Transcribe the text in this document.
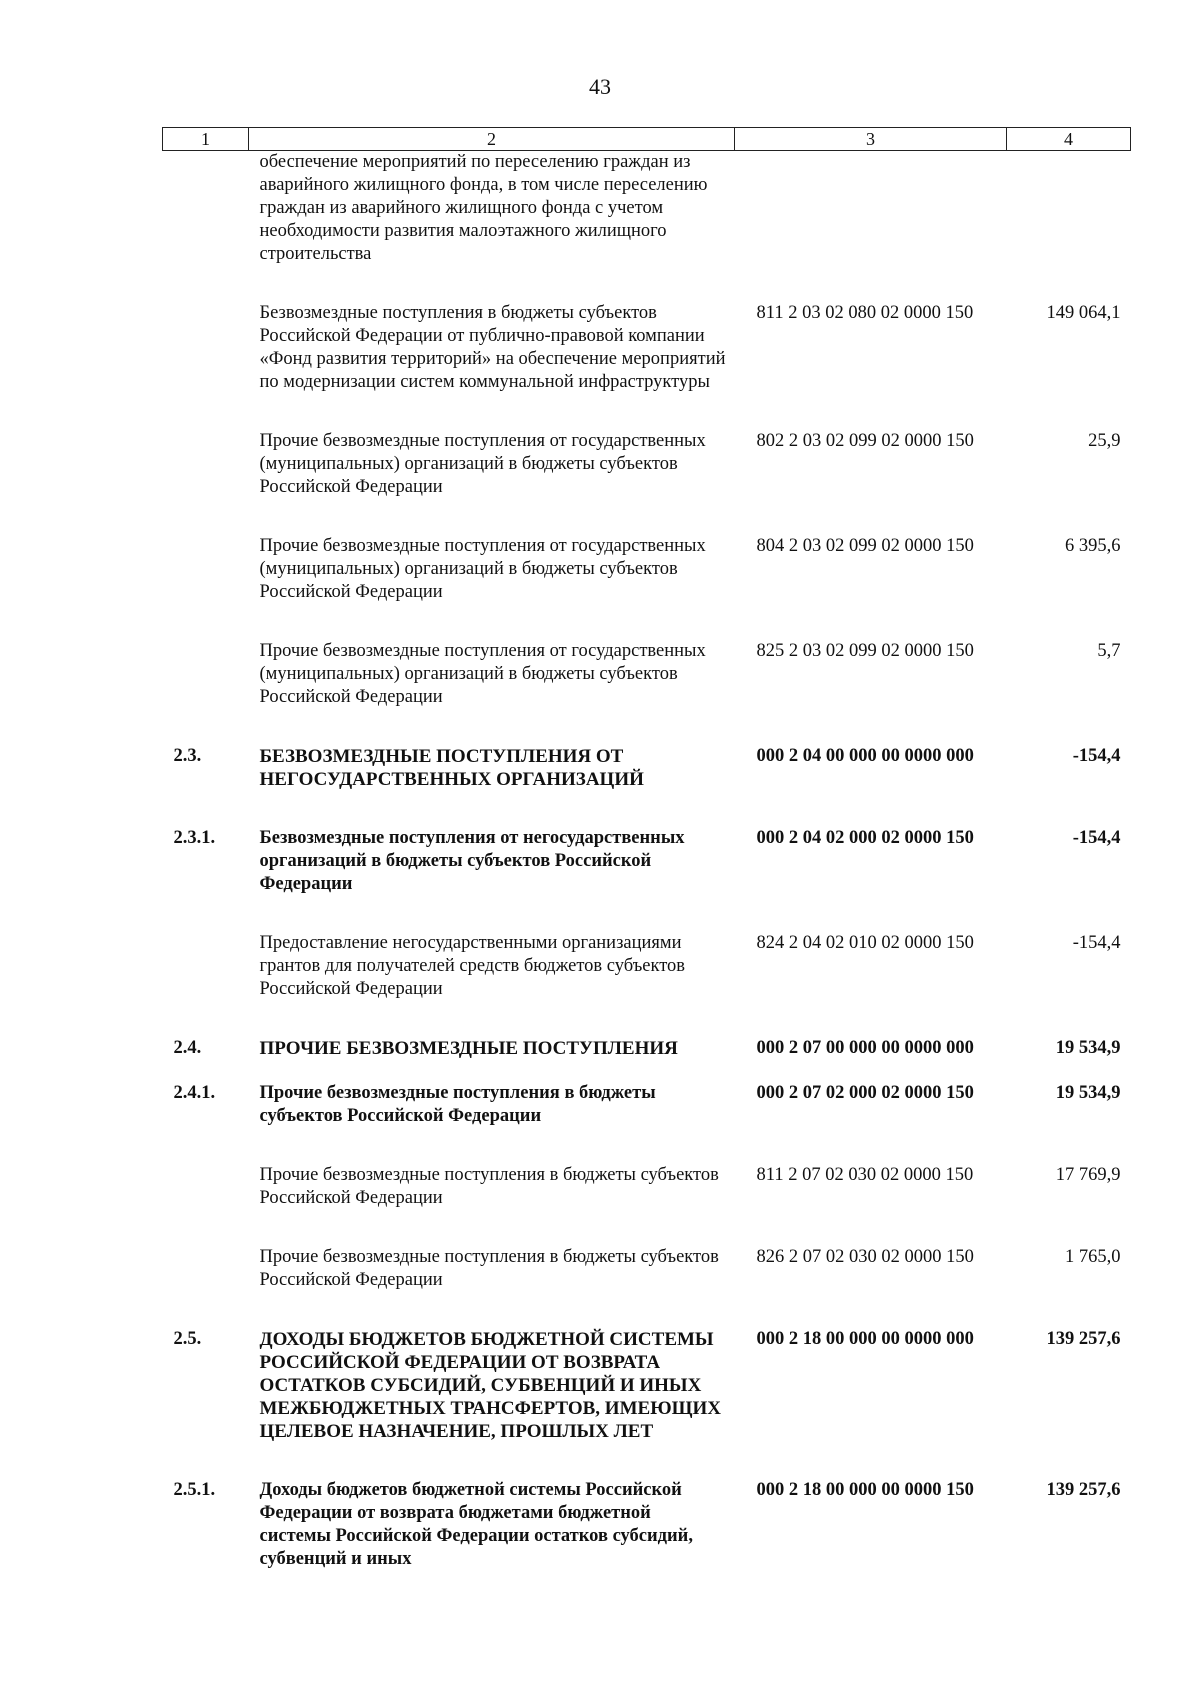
43
1	2	3	4
	обеспечение мероприятий по переселению граждан из аварийного жилищного фонда, в том числе переселению граждан из аварийного жилищного фонда с учетом необходимости развития малоэтажного жилищного строительства		
	Безвозмездные поступления в бюджеты субъектов Российской Федерации от публично-правовой компании «Фонд развития территорий» на обеспечение мероприятий по модернизации систем коммунальной инфраструктуры	811 2 03 02 080 02 0000 150	149 064,1
	Прочие безвозмездные поступления от государственных (муниципальных) организаций в бюджеты субъектов Российской Федерации	802 2 03 02 099 02 0000 150	25,9
	Прочие безвозмездные поступления от государственных (муниципальных) организаций в бюджеты субъектов Российской Федерации	804 2 03 02 099 02 0000 150	6 395,6
	Прочие безвозмездные поступления от государственных (муниципальных) организаций в бюджеты субъектов Российской Федерации	825 2 03 02 099 02 0000 150	5,7
2.3.	БЕЗВОЗМЕЗДНЫЕ ПОСТУПЛЕНИЯ ОТ НЕГОСУДАРСТВЕННЫХ ОРГАНИЗАЦИЙ	000 2 04 00 000 00 0000 000	-154,4
2.3.1.	Безвозмездные поступления от негосударственных организаций в бюджеты субъектов Российской Федерации	000 2 04 02 000 02 0000 150	-154,4
	Предоставление негосударственными организациями грантов для получателей средств бюджетов субъектов Российской Федерации	824 2 04 02 010 02 0000 150	-154,4
2.4.	ПРОЧИЕ БЕЗВОЗМЕЗДНЫЕ ПОСТУПЛЕНИЯ	000 2 07 00 000 00 0000 000	19 534,9
2.4.1.	Прочие безвозмездные поступления в бюджеты субъектов Российской Федерации	000 2 07 02 000 02 0000 150	19 534,9
	Прочие безвозмездные поступления в бюджеты субъектов Российской Федерации	811 2 07 02 030 02 0000 150	17 769,9
	Прочие безвозмездные поступления в бюджеты субъектов Российской Федерации	826 2 07 02 030 02 0000 150	1 765,0
2.5.	ДОХОДЫ БЮДЖЕТОВ БЮДЖЕТНОЙ СИСТЕМЫ РОССИЙСКОЙ ФЕДЕРАЦИИ ОТ ВОЗВРАТА ОСТАТКОВ СУБСИДИЙ, СУБВЕНЦИЙ И ИНЫХ МЕЖБЮДЖЕТНЫХ ТРАНСФЕРТОВ, ИМЕЮЩИХ ЦЕЛЕВОЕ НАЗНАЧЕНИЕ, ПРОШЛЫХ ЛЕТ	000 2 18 00 000 00 0000 000	139 257,6
2.5.1.	Доходы бюджетов бюджетной системы Российской Федерации от возврата бюджетами бюджетной системы Российской Федерации остатков субсидий, субвенций и иных	000 2 18 00 000 00 0000 150	139 257,6
